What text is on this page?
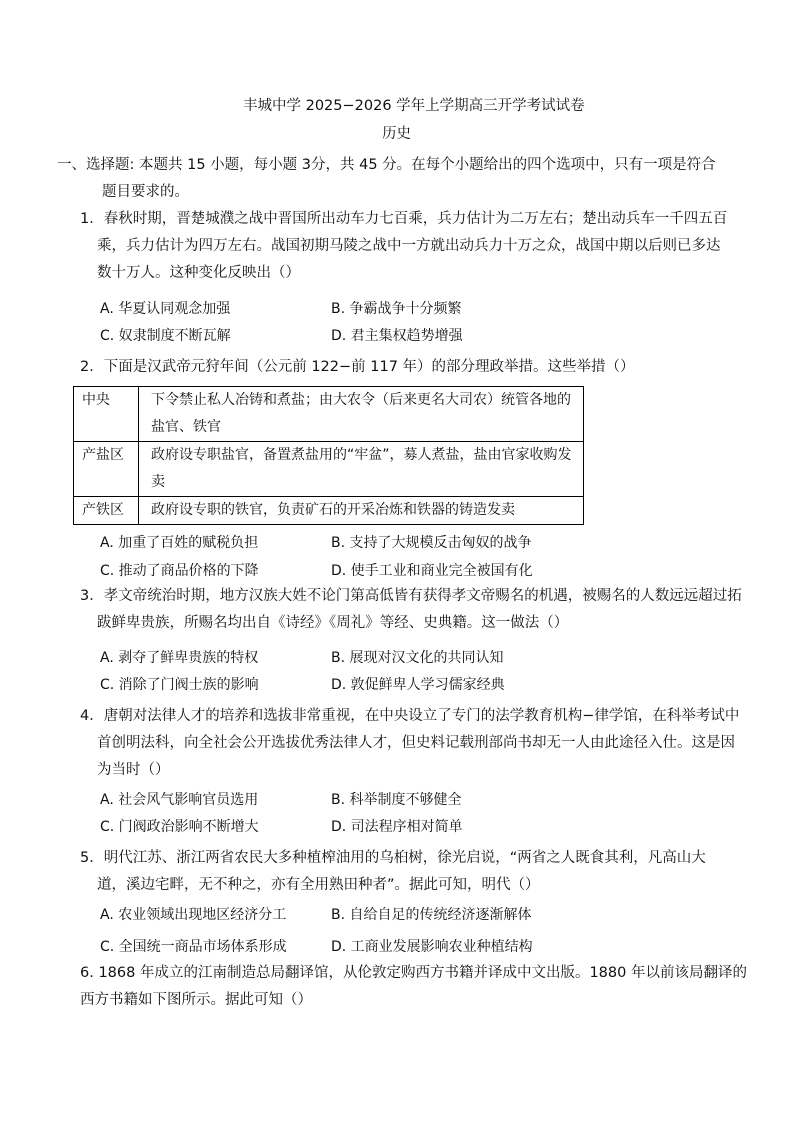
丰城中学 2025−2026 学年上学期高三开学考试试卷
历史
一、选择题: 本题共 15 小题，每小题 3分，共 45 分。在每个小题给出的四个选项中，只有一项是符合
题目要求的。
1．春秋时期，晋楚城濮之战中晋国所出动车力七百乘，兵力估计为二万左右；楚出动兵车一千四五百
乘，兵力估计为四万左右。战国初期马陵之战中一方就出动兵力十万之众，战国中期以后则已多达
数十万人。这种变化反映出（）
A. 华夏认同观念加强	B. 争霸战争十分频繁
C. 奴隶制度不断瓦解	D. 君主集权趋势增强
2．下面是汉武帝元狩年间（公元前 122−前 117 年）的部分理政举措。这些举措（）
中央	下令禁止私人冶铸和煮盐；由大农令（后来更名大司农）统管各地的盐官、铁官
产盐区	政府设专职盐官，备置煮盐用的“牢盆”，募人煮盐，盐由官家收购发卖
产铁区	政府设专职的铁官，负责矿石的开采冶炼和铁器的铸造发卖
A. 加重了百姓的赋税负担	B. 支持了大规模反击匈奴的战争
C. 推动了商品价格的下降	D. 使手工业和商业完全被国有化
3．孝文帝统治时期，地方汉族大姓不论门第高低皆有获得孝文帝赐名的机遇，被赐名的人数远远超过拓
跋鲜卑贵族，所赐名均出自《诗经》《周礼》等经、史典籍。这一做法（）
A. 剥夺了鲜卑贵族的特权	B. 展现对汉文化的共同认知
C. 消除了门阀士族的影响	D. 敦促鲜卑人学习儒家经典
4．唐朝对法律人才的培养和选拔非常重视，在中央设立了专门的法学教育机构−律学馆，在科举考试中
首创明法科，向全社会公开选拔优秀法律人才，但史料记载刑部尚书却无一人由此途径入仕。这是因
为当时（）
A. 社会风气影响官员选用	B. 科举制度不够健全
C. 门阀政治影响不断增大	D. 司法程序相对简单
5．明代江苏、浙江两省农民大多种植榨油用的乌桕树，徐光启说，“两省之人既食其利，凡高山大
道，溪边宅畔，无不种之，亦有全用熟田种者”。据此可知，明代（）
A. 农业领域出现地区经济分工	B. 自给自足的传统经济逐渐解体
C. 全国统一商品市场体系形成	D. 工商业发展影响农业种植结构
6. 1868 年成立的江南制造总局翻译馆，从伦敦定购西方书籍并译成中文出版。1880 年以前该局翻译的
西方书籍如下图所示。据此可知（）
